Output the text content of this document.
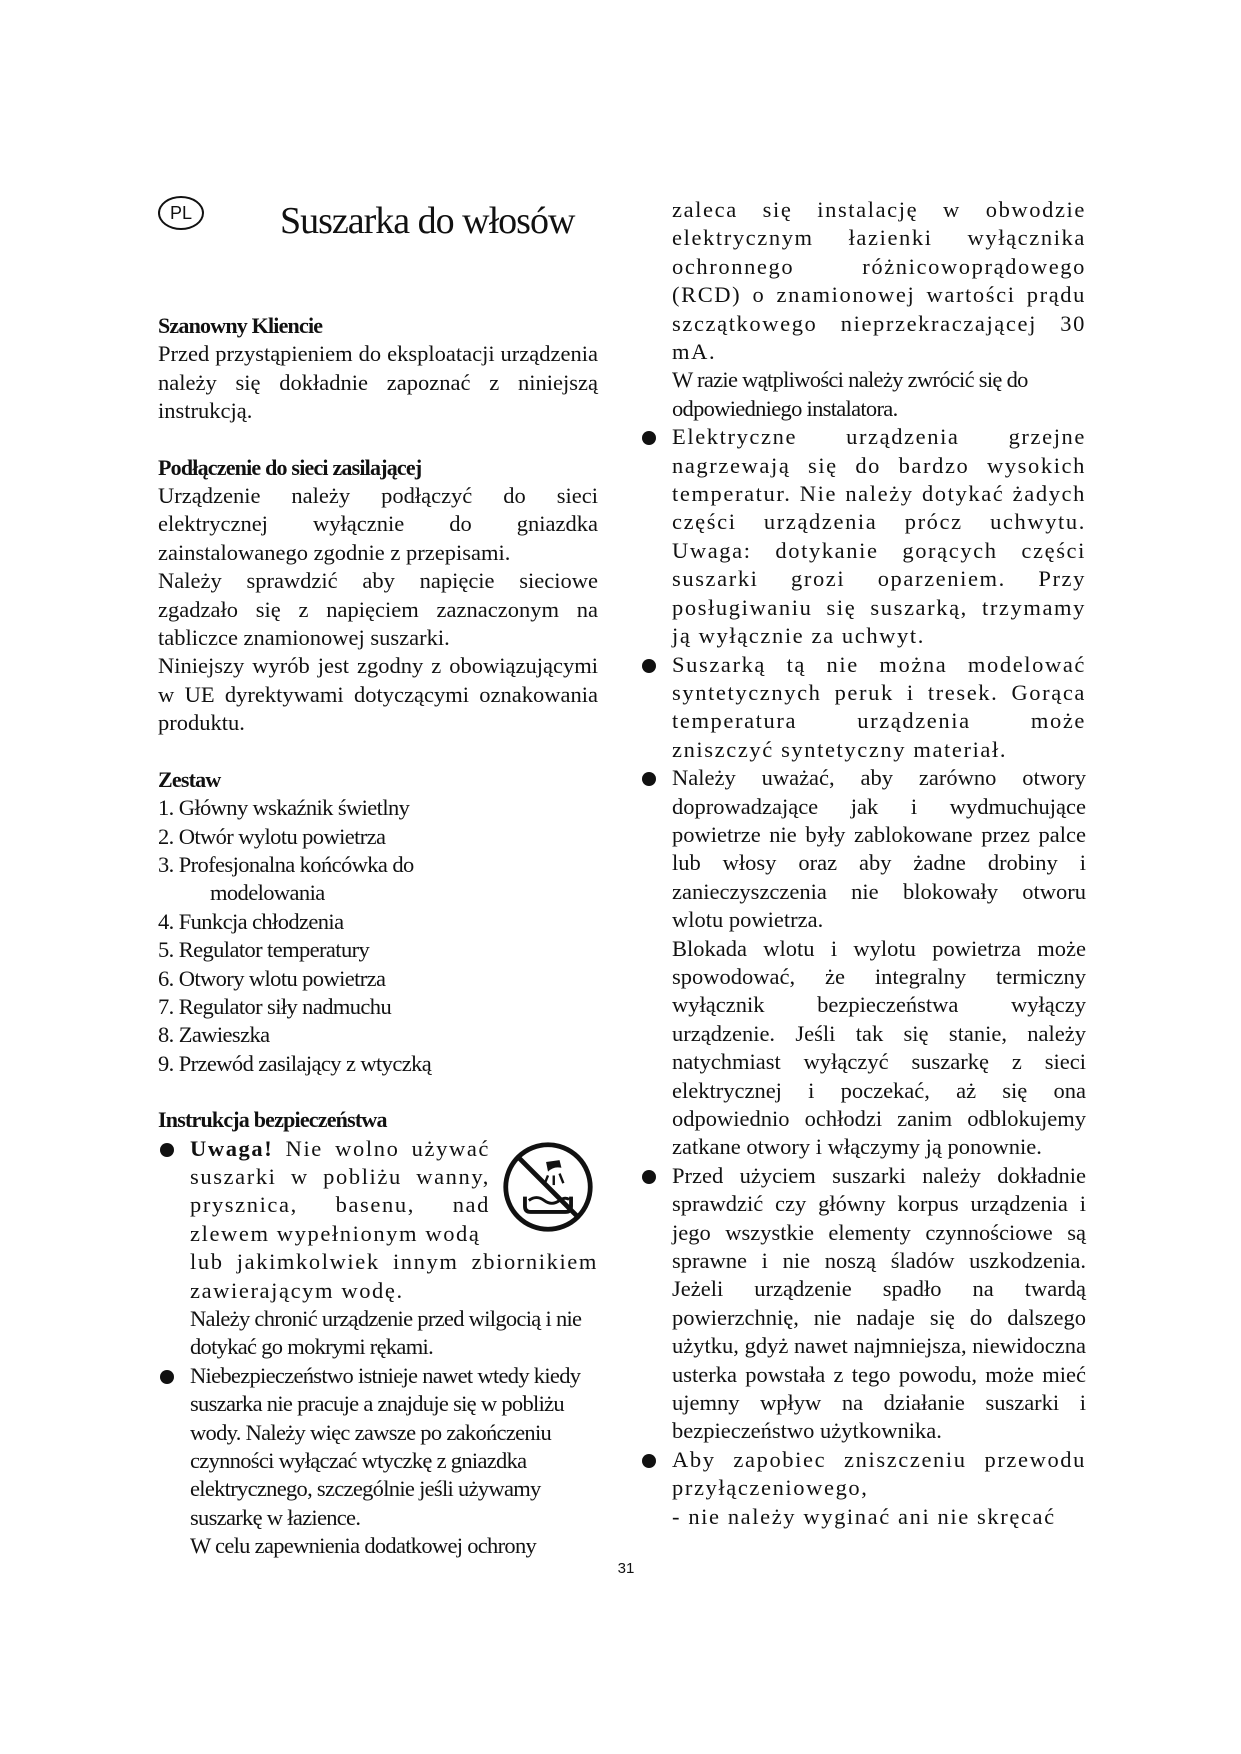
PL	Suszarka do włosów
Szanowny Kliencie

Przed przystąpieniem do eksploatacji urządzenia należy się dokładnie zapoznać z niniejszą instrukcją.

Podłączenie do sieci zasilającej

Urządzenie należy podłączyć do sieci elektrycznej wyłącznie do gniazdka zainstalowanego zgodnie z przepisami.

Należy sprawdzić aby napięcie sieciowe zgadzało się z napięciem zaznaczonym na tabliczce znamionowej suszarki.

Niniejszy wyrób jest zgodny z obowiązującymi w UE dyrektywami dotyczącymi oznakowania produktu.

Zestaw
1. Główny wskaźnik świetlny
2. Otwór wylotu powietrza
3. Profesjonalna końcówka do
modelowania
4. Funkcja chłodzenia
5. Regulator temperatury
6. Otwory wlotu powietrza
7. Regulator siły nadmuchu
8. Zawieszka
9. Przewód zasilający z wtyczką
Instrukcja bezpieczeństwa

Uwaga! Nie wolno używać suszarki w pobliżu wanny, prysznica, basenu, nad zlewem wypełnionym wodą

lub jakimkolwiek innym zbiornikiem zawierającym wodę.

Należy chronić urządzenie przed wilgocią i nie dotykać go mokrymi rękami.

Niebezpieczeństwo istnieje nawet wtedy kiedy suszarka nie pracuje a znajduje się w pobliżu wody. Należy więc zawsze po zakończeniu czynności wyłączać wtyczkę z gniazdka elektrycznego, szczególnie jeśli używamy suszarkę w łazience.

W celu zapewnienia dodatkowej ochrony

zaleca się instalację w obwodzie elektrycznym łazienki wyłącznika ochronnego różnicowoprądowego (RCD) o znamionowej wartości prądu szczątkowego nieprzekraczającej 30 mA.

W razie wątpliwości należy zwrócić się do odpowiedniego instalatora.

Elektryczne urządzenia grzejne nagrzewają się do bardzo wysokich temperatur. Nie należy dotykać żadych części urządzenia prócz uchwytu. Uwaga: dotykanie gorących części suszarki grozi oparzeniem. Przy posługiwaniu się suszarką, trzymamy ją wyłącznie za uchwyt.

Suszarką tą nie można modelować syntetycznych peruk i tresek. Gorąca temperatura urządzenia może zniszczyć syntetyczny materiał.

Należy uważać, aby zarówno otwory doprowadzające jak i wydmuchujące powietrze nie były zablokowane przez palce lub włosy oraz aby żadne drobiny i zanieczyszczenia nie blokowały otworu wlotu powietrza.

Blokada wlotu i wylotu powietrza może spowodować, że integralny termiczny wyłącznik bezpieczeństwa wyłączy urządzenie. Jeśli tak się stanie, należy natychmiast wyłączyć suszarkę z sieci elektrycznej i poczekać, aż się ona odpowiednio ochłodzi zanim odblokujemy zatkane otwory i włączymy ją ponownie.

Przed użyciem suszarki należy dokładnie sprawdzić czy główny korpus urządzenia i jego wszystkie elementy czynnościowe są sprawne i nie noszą śladów uszkodzenia. Jeżeli urządzenie spadło na twardą powierzchnię, nie nadaje się do dalszego użytku, gdyż nawet najmniejsza, niewidoczna usterka powstała z tego powodu, może mieć ujemny wpływ na działanie suszarki i bezpieczeństwo użytkownika.

Aby zapobiec zniszczeniu przewodu przyłączeniowego,

- nie należy wyginać ani nie skręcać

31
